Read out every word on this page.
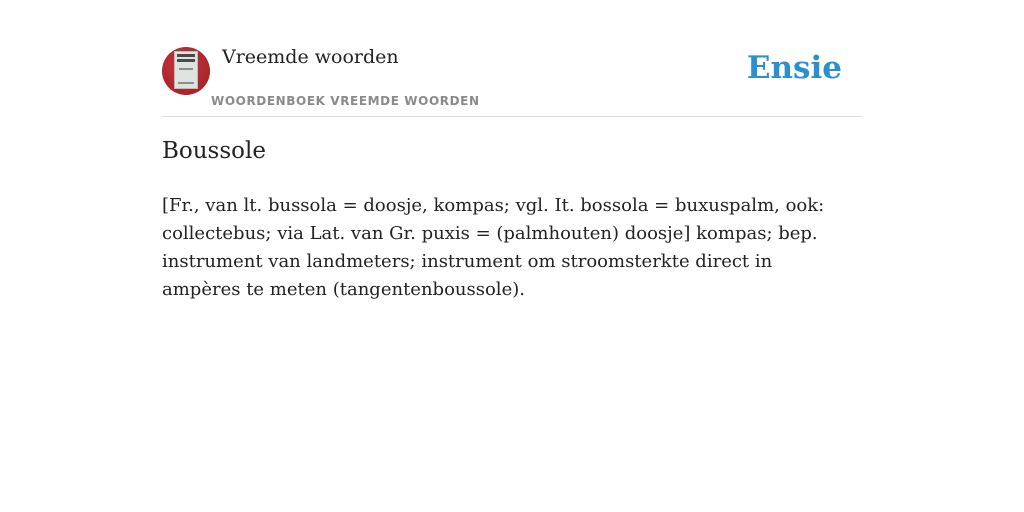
Vreemde woorden
WOORDENBOEK VREEMDE WOORDEN
Ensie
Boussole

[Fr., van lt. bussola = doosje, kompas; vgl. It. bossola = buxuspalm, ook: collectebus; via Lat. van Gr. puxis = (palmhouten) doosje] kompas; bep. instrument van landmeters; instrument om stroomsterkte direct in ampères te meten (tangentenboussole).
